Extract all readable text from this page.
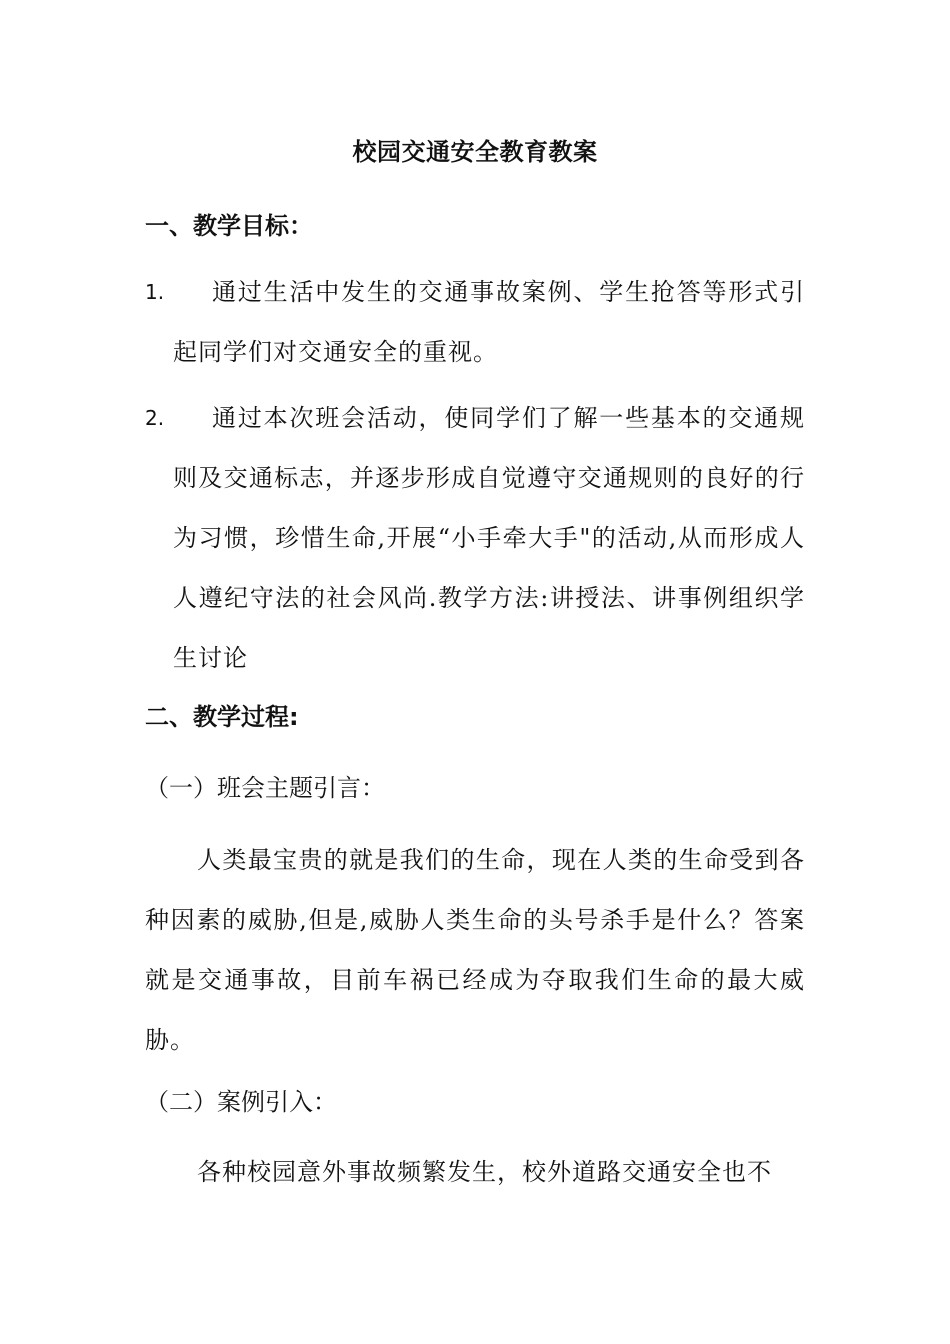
校园交通安全教育教案
一、教学目标：
1.	通过生活中发生的交通事故案例、学生抢答等形式引起同学们对交通安全的重视。
2.	通过本次班会活动，使同学们了解一些基本的交通规则及交通标志，并逐步形成自觉遵守交通规则的良好的行为习惯，珍惜生命,开展“小手牵大手"的活动,从而形成人人遵纪守法的社会风尚.教学方法:讲授法、讲事例组织学生讨论
二、教学过程:
（一）班会主题引言：
人类最宝贵的就是我们的生命，现在人类的生命受到各种因素的威胁,但是,威胁人类生命的头号杀手是什么？答案就是交通事故，目前车祸已经成为夺取我们生命的最大威胁。
（二）案例引入：
各种校园意外事故频繁发生，校外道路交通安全也不
